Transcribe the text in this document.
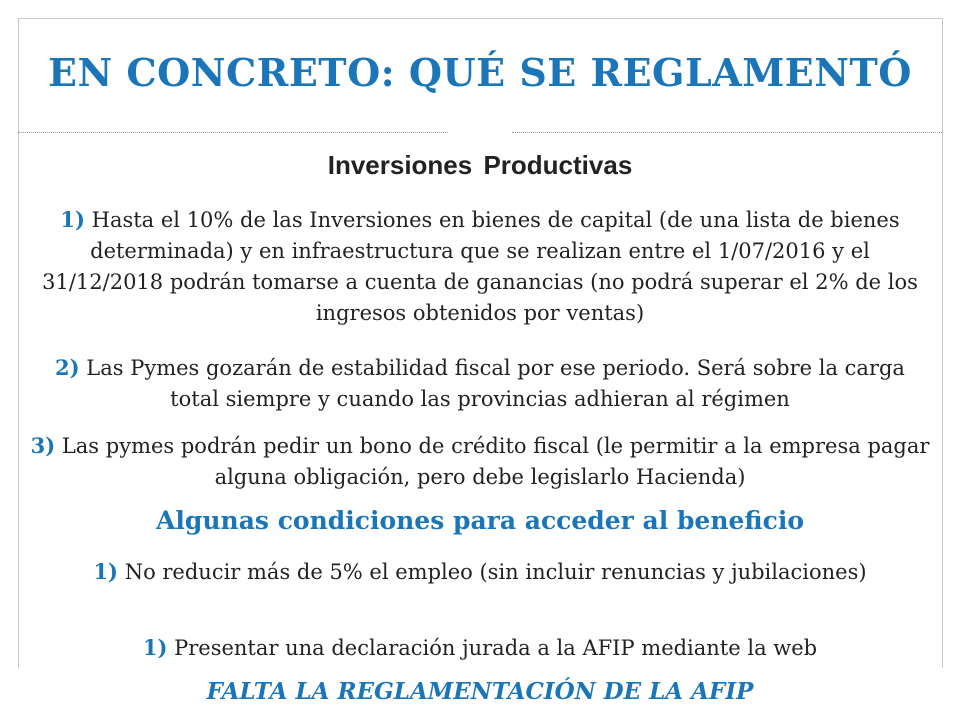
EN CONCRETO: QUÉ SE REGLAMENTÓ
Inversiones Productivas
1) Hasta el 10% de las Inversiones en bienes de capital (de una lista de bienes determinada) y en infraestructura que se realizan entre el 1/07/2016 y el 31/12/2018 podrán tomarse a cuenta de ganancias (no podrá superar el 2% de los ingresos obtenidos por ventas)
2) Las Pymes gozarán de estabilidad fiscal por ese periodo. Será sobre la carga total siempre y cuando las provincias adhieran al régimen
3) Las pymes podrán pedir un bono de crédito fiscal (le permitir a la empresa pagar alguna obligación, pero debe legislarlo Hacienda)
Algunas condiciones para acceder al beneficio
1) No reducir más de 5% el empleo (sin incluir renuncias y jubilaciones)
1) Presentar una declaración jurada a la AFIP mediante la web
FALTA LA REGLAMENTACIÓN DE LA AFIP
